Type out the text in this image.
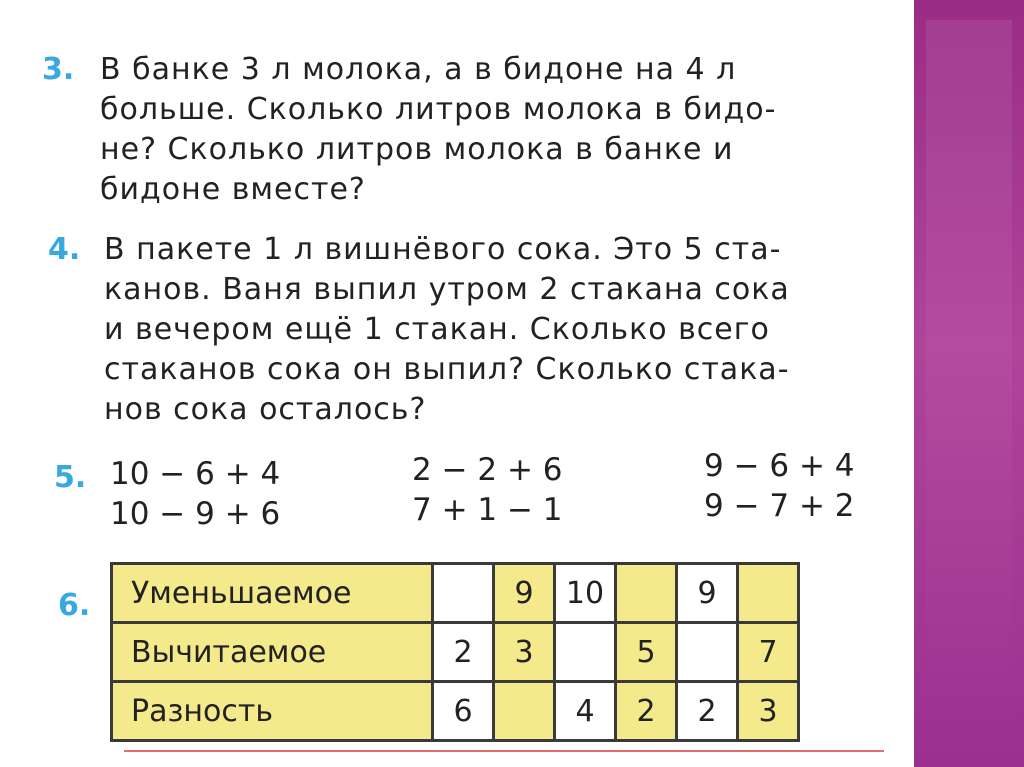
3. В банке 3 л молока, а в бидоне на 4 л
больше. Сколько литров молока в бидо-
не? Сколько литров молока в банке и
бидоне вместе?
4. В пакете 1 л вишнёвого сока. Это 5 ста-
канов. Ваня выпил утром 2 стакана сока
и вечером ещё 1 стакан. Сколько всего
стаканов сока он выпил? Сколько стака-
нов сока осталось?
5. 10 − 6 + 4
10 − 9 + 6
2 − 2 + 6
7 + 1 − 1
9 − 6 + 4
9 − 7 + 2
6. Уменьшаемое		9	10		9	
Вычитаемое	2	3		5		7
Разность	6		4	2	2	3
